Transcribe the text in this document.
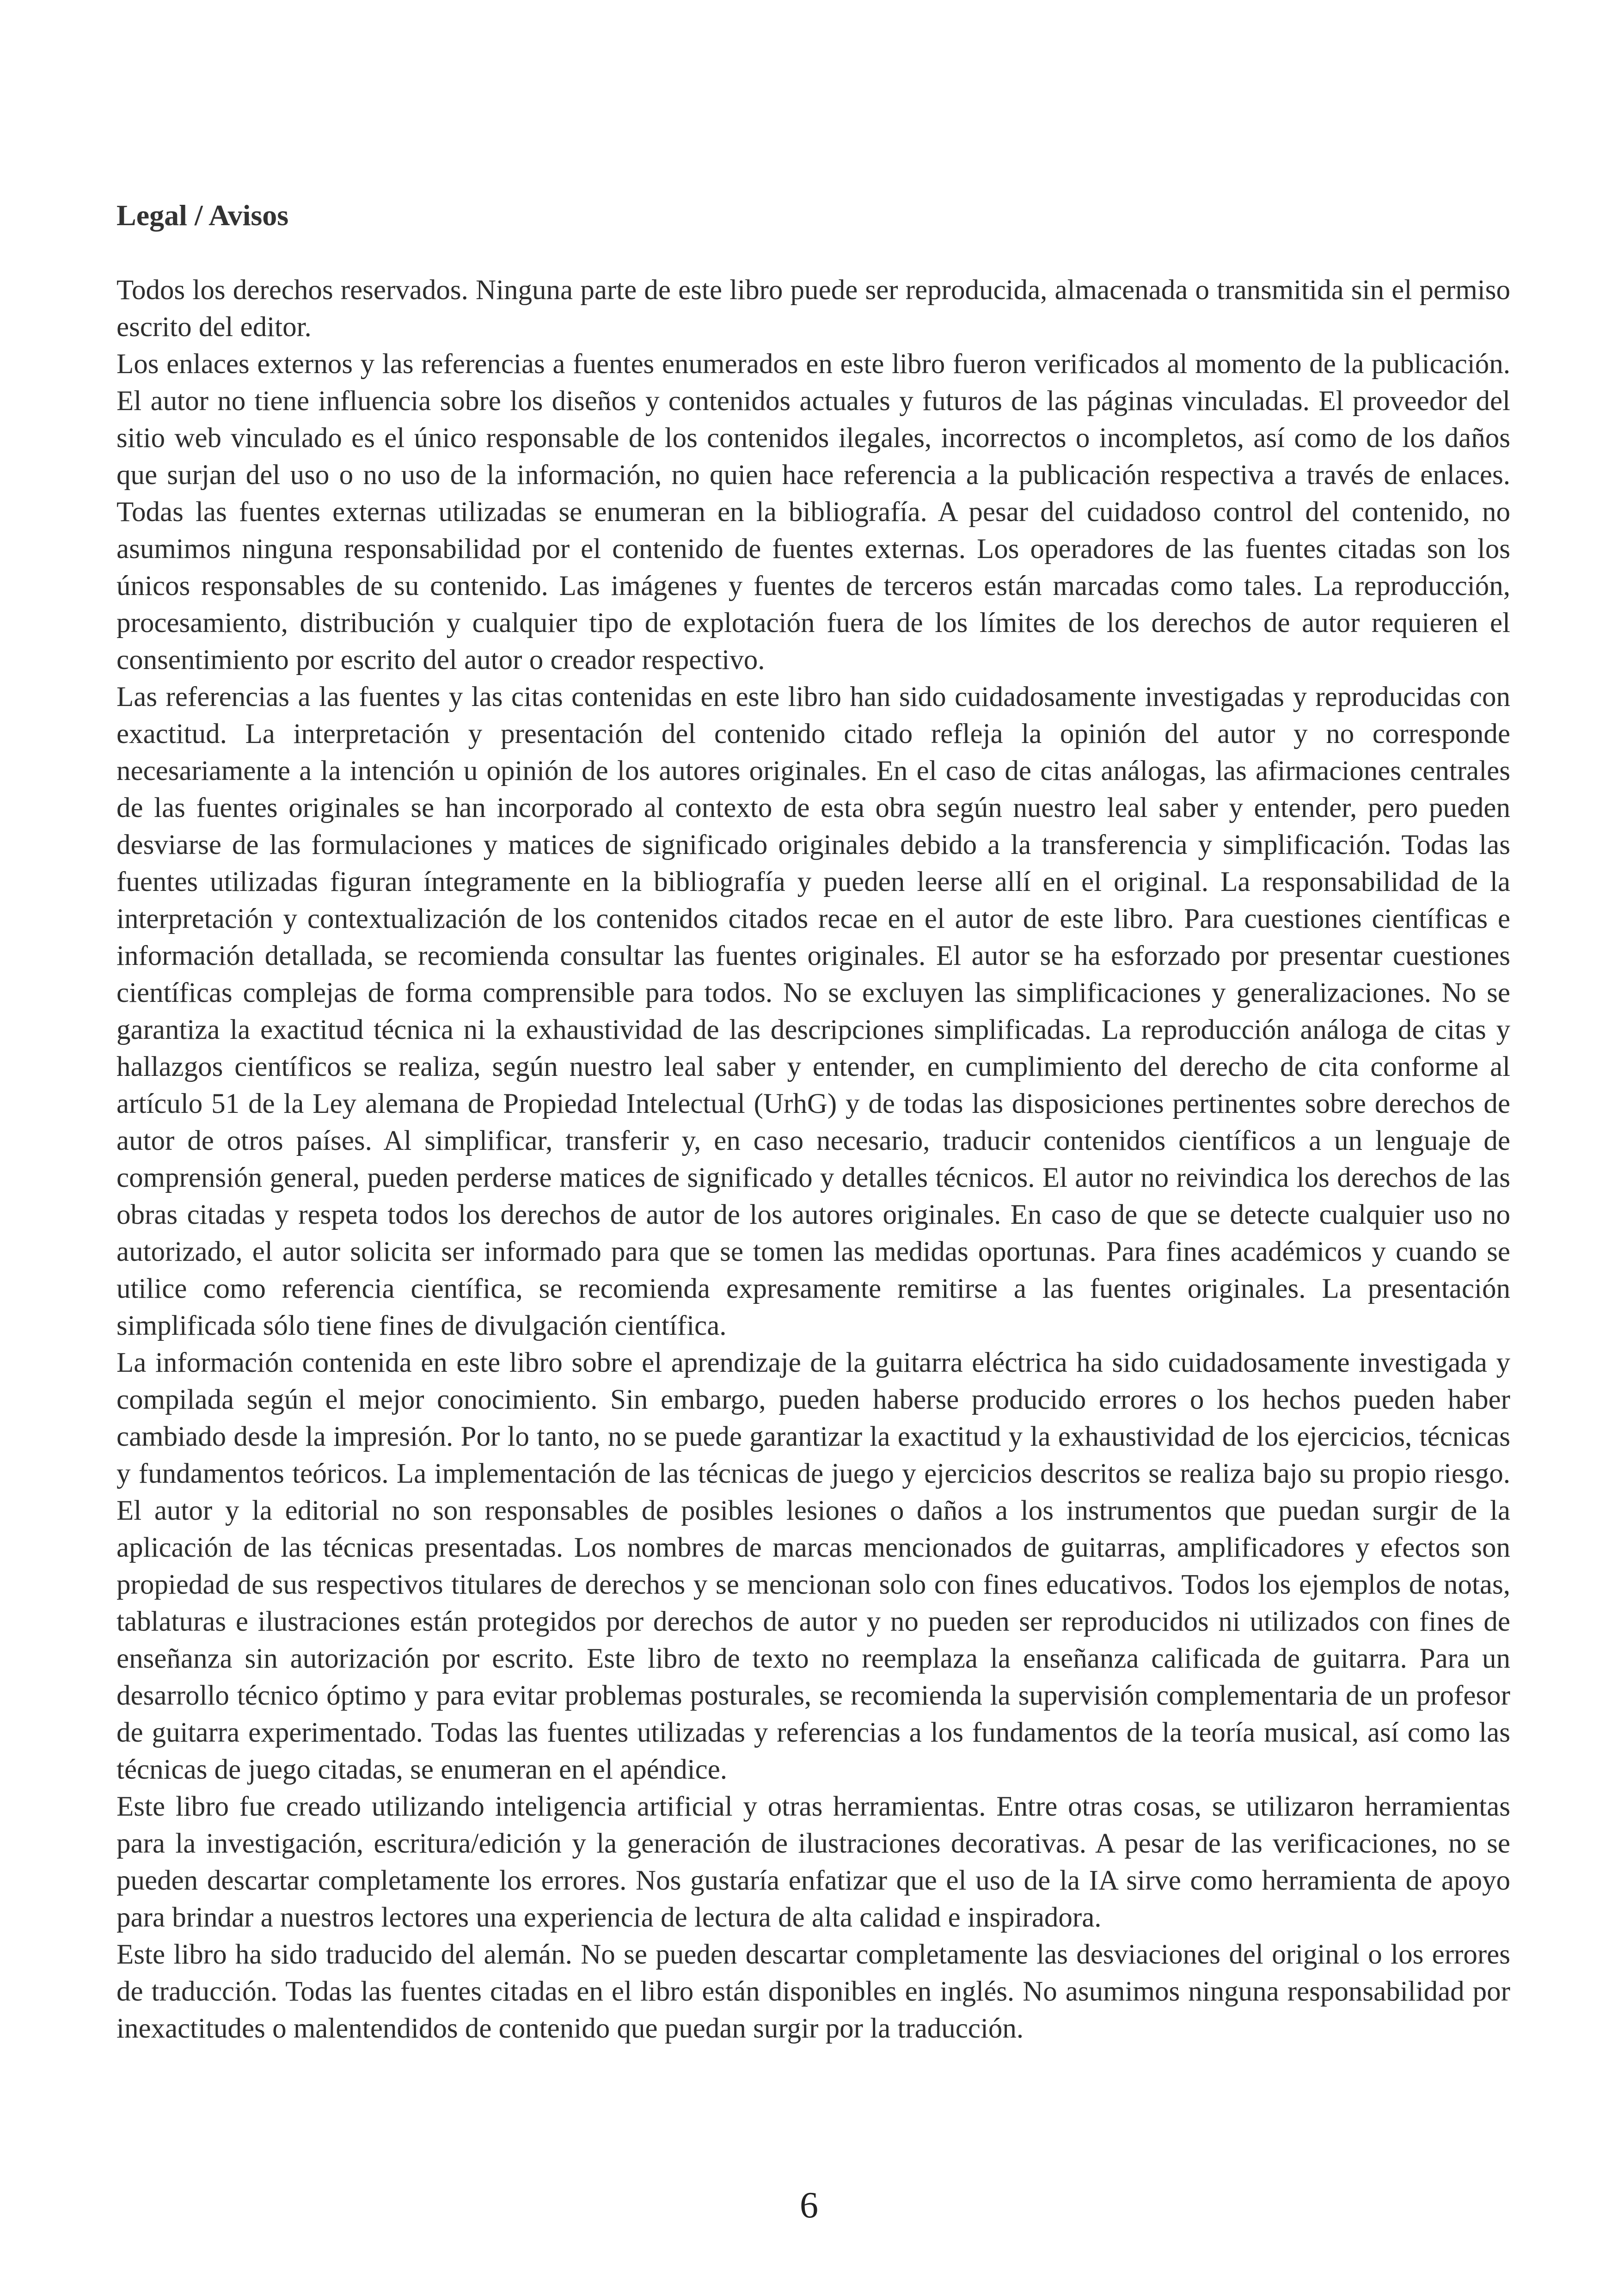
Legal / Avisos

Todos los derechos reservados. Ninguna parte de este libro puede ser reproducida, almacenada o transmitida sin el permiso escrito del editor.

Los enlaces externos y las referencias a fuentes enumerados en este libro fueron verificados al momento de la publicación. El autor no tiene influencia sobre los diseños y contenidos actuales y futuros de las páginas vinculadas. El proveedor del sitio web vinculado es el único responsable de los contenidos ilegales, incorrectos o incompletos, así como de los daños que surjan del uso o no uso de la información, no quien hace referencia a la publicación respectiva a través de enlaces. Todas las fuentes externas utilizadas se enumeran en la bibliografía. A pesar del cuidadoso control del contenido, no asumimos ninguna responsabilidad por el contenido de fuentes externas. Los operadores de las fuentes citadas son los únicos responsables de su contenido. Las imágenes y fuentes de terceros están marcadas como tales. La reproducción, procesamiento, distribución y cualquier tipo de explotación fuera de los límites de los derechos de autor requieren el consentimiento por escrito del autor o creador respectivo.

Las referencias a las fuentes y las citas contenidas en este libro han sido cuidadosamente investigadas y reproducidas con exactitud. La interpretación y presentación del contenido citado refleja la opinión del autor y no corresponde necesariamente a la intención u opinión de los autores originales. En el caso de citas análogas, las afirmaciones centrales de las fuentes originales se han incorporado al contexto de esta obra según nuestro leal saber y entender, pero pueden desviarse de las formulaciones y matices de significado originales debido a la transferencia y simplificación. Todas las fuentes utilizadas figuran íntegramente en la bibliografía y pueden leerse allí en el original. La responsabilidad de la interpretación y contextualización de los contenidos citados recae en el autor de este libro. Para cuestiones científicas e información detallada, se recomienda consultar las fuentes originales. El autor se ha esforzado por presentar cuestiones científicas complejas de forma comprensible para todos. No se excluyen las simplificaciones y generalizaciones. No se garantiza la exactitud técnica ni la exhaustividad de las descripciones simplificadas. La reproducción análoga de citas y hallazgos científicos se realiza, según nuestro leal saber y entender, en cumplimiento del derecho de cita conforme al artículo 51 de la Ley alemana de Propiedad Intelectual (UrhG) y de todas las disposiciones pertinentes sobre derechos de autor de otros países. Al simplificar, transferir y, en caso necesario, traducir contenidos científicos a un lenguaje de comprensión general, pueden perderse matices de significado y detalles técnicos. El autor no reivindica los derechos de las obras citadas y respeta todos los derechos de autor de los autores originales. En caso de que se detecte cualquier uso no autorizado, el autor solicita ser informado para que se tomen las medidas oportunas. Para fines académicos y cuando se utilice como referencia científica, se recomienda expresamente remitirse a las fuentes originales. La presentación simplificada sólo tiene fines de divulgación científica.

La información contenida en este libro sobre el aprendizaje de la guitarra eléctrica ha sido cuidadosamente investigada y compilada según el mejor conocimiento. Sin embargo, pueden haberse producido errores o los hechos pueden haber cambiado desde la impresión. Por lo tanto, no se puede garantizar la exactitud y la exhaustividad de los ejercicios, técnicas y fundamentos teóricos. La implementación de las técnicas de juego y ejercicios descritos se realiza bajo su propio riesgo. El autor y la editorial no son responsables de posibles lesiones o daños a los instrumentos que puedan surgir de la aplicación de las técnicas presentadas. Los nombres de marcas mencionados de guitarras, amplificadores y efectos son propiedad de sus respectivos titulares de derechos y se mencionan solo con fines educativos. Todos los ejemplos de notas, tablaturas e ilustraciones están protegidos por derechos de autor y no pueden ser reproducidos ni utilizados con fines de enseñanza sin autorización por escrito. Este libro de texto no reemplaza la enseñanza calificada de guitarra. Para un desarrollo técnico óptimo y para evitar problemas posturales, se recomienda la supervisión complementaria de un profesor de guitarra experimentado. Todas las fuentes utilizadas y referencias a los fundamentos de la teoría musical, así como las técnicas de juego citadas, se enumeran en el apéndice.

Este libro fue creado utilizando inteligencia artificial y otras herramientas. Entre otras cosas, se utilizaron herramientas para la investigación, escritura/edición y la generación de ilustraciones decorativas. A pesar de las verificaciones, no se pueden descartar completamente los errores. Nos gustaría enfatizar que el uso de la IA sirve como herramienta de apoyo para brindar a nuestros lectores una experiencia de lectura de alta calidad e inspiradora.

Este libro ha sido traducido del alemán. No se pueden descartar completamente las desviaciones del original o los errores de traducción. Todas las fuentes citadas en el libro están disponibles en inglés. No asumimos ninguna responsabilidad por inexactitudes o malentendidos de contenido que puedan surgir por la traducción.

6
